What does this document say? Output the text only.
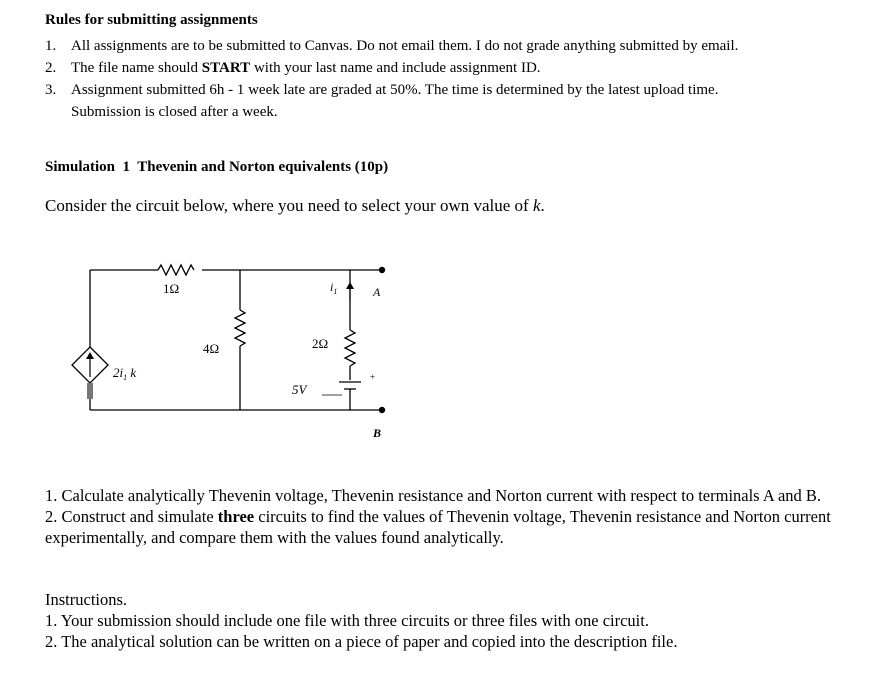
Rules for submitting assignments
1. All assignments are to be submitted to Canvas. Do not email them. I do not grade anything submitted by email.
2. The file name should START with your last name and include assignment ID.
3. Assignment submitted 6h - 1 week late are graded at 50%. The time is determined by the latest upload time.
Submission is closed after a week.
Simulation  1  Thevenin and Norton equivalents (10p)
Consider the circuit below, where you need to select your own value of k.
1Ω
4Ω	2Ω
$2i_1$ k
$i_1$
5V
+
A
B
1. Calculate analytically Thevenin voltage, Thevenin resistance and Norton current with respect to terminals A and B.
2. Construct and simulate three circuits to find the values of Thevenin voltage, Thevenin resistance and Norton current experimentally, and compare them with the values found analytically.
Instructions.
1. Your submission should include one file with three circuits or three files with one circuit.
2. The analytical solution can be written on a piece of paper and copied into the description file.
